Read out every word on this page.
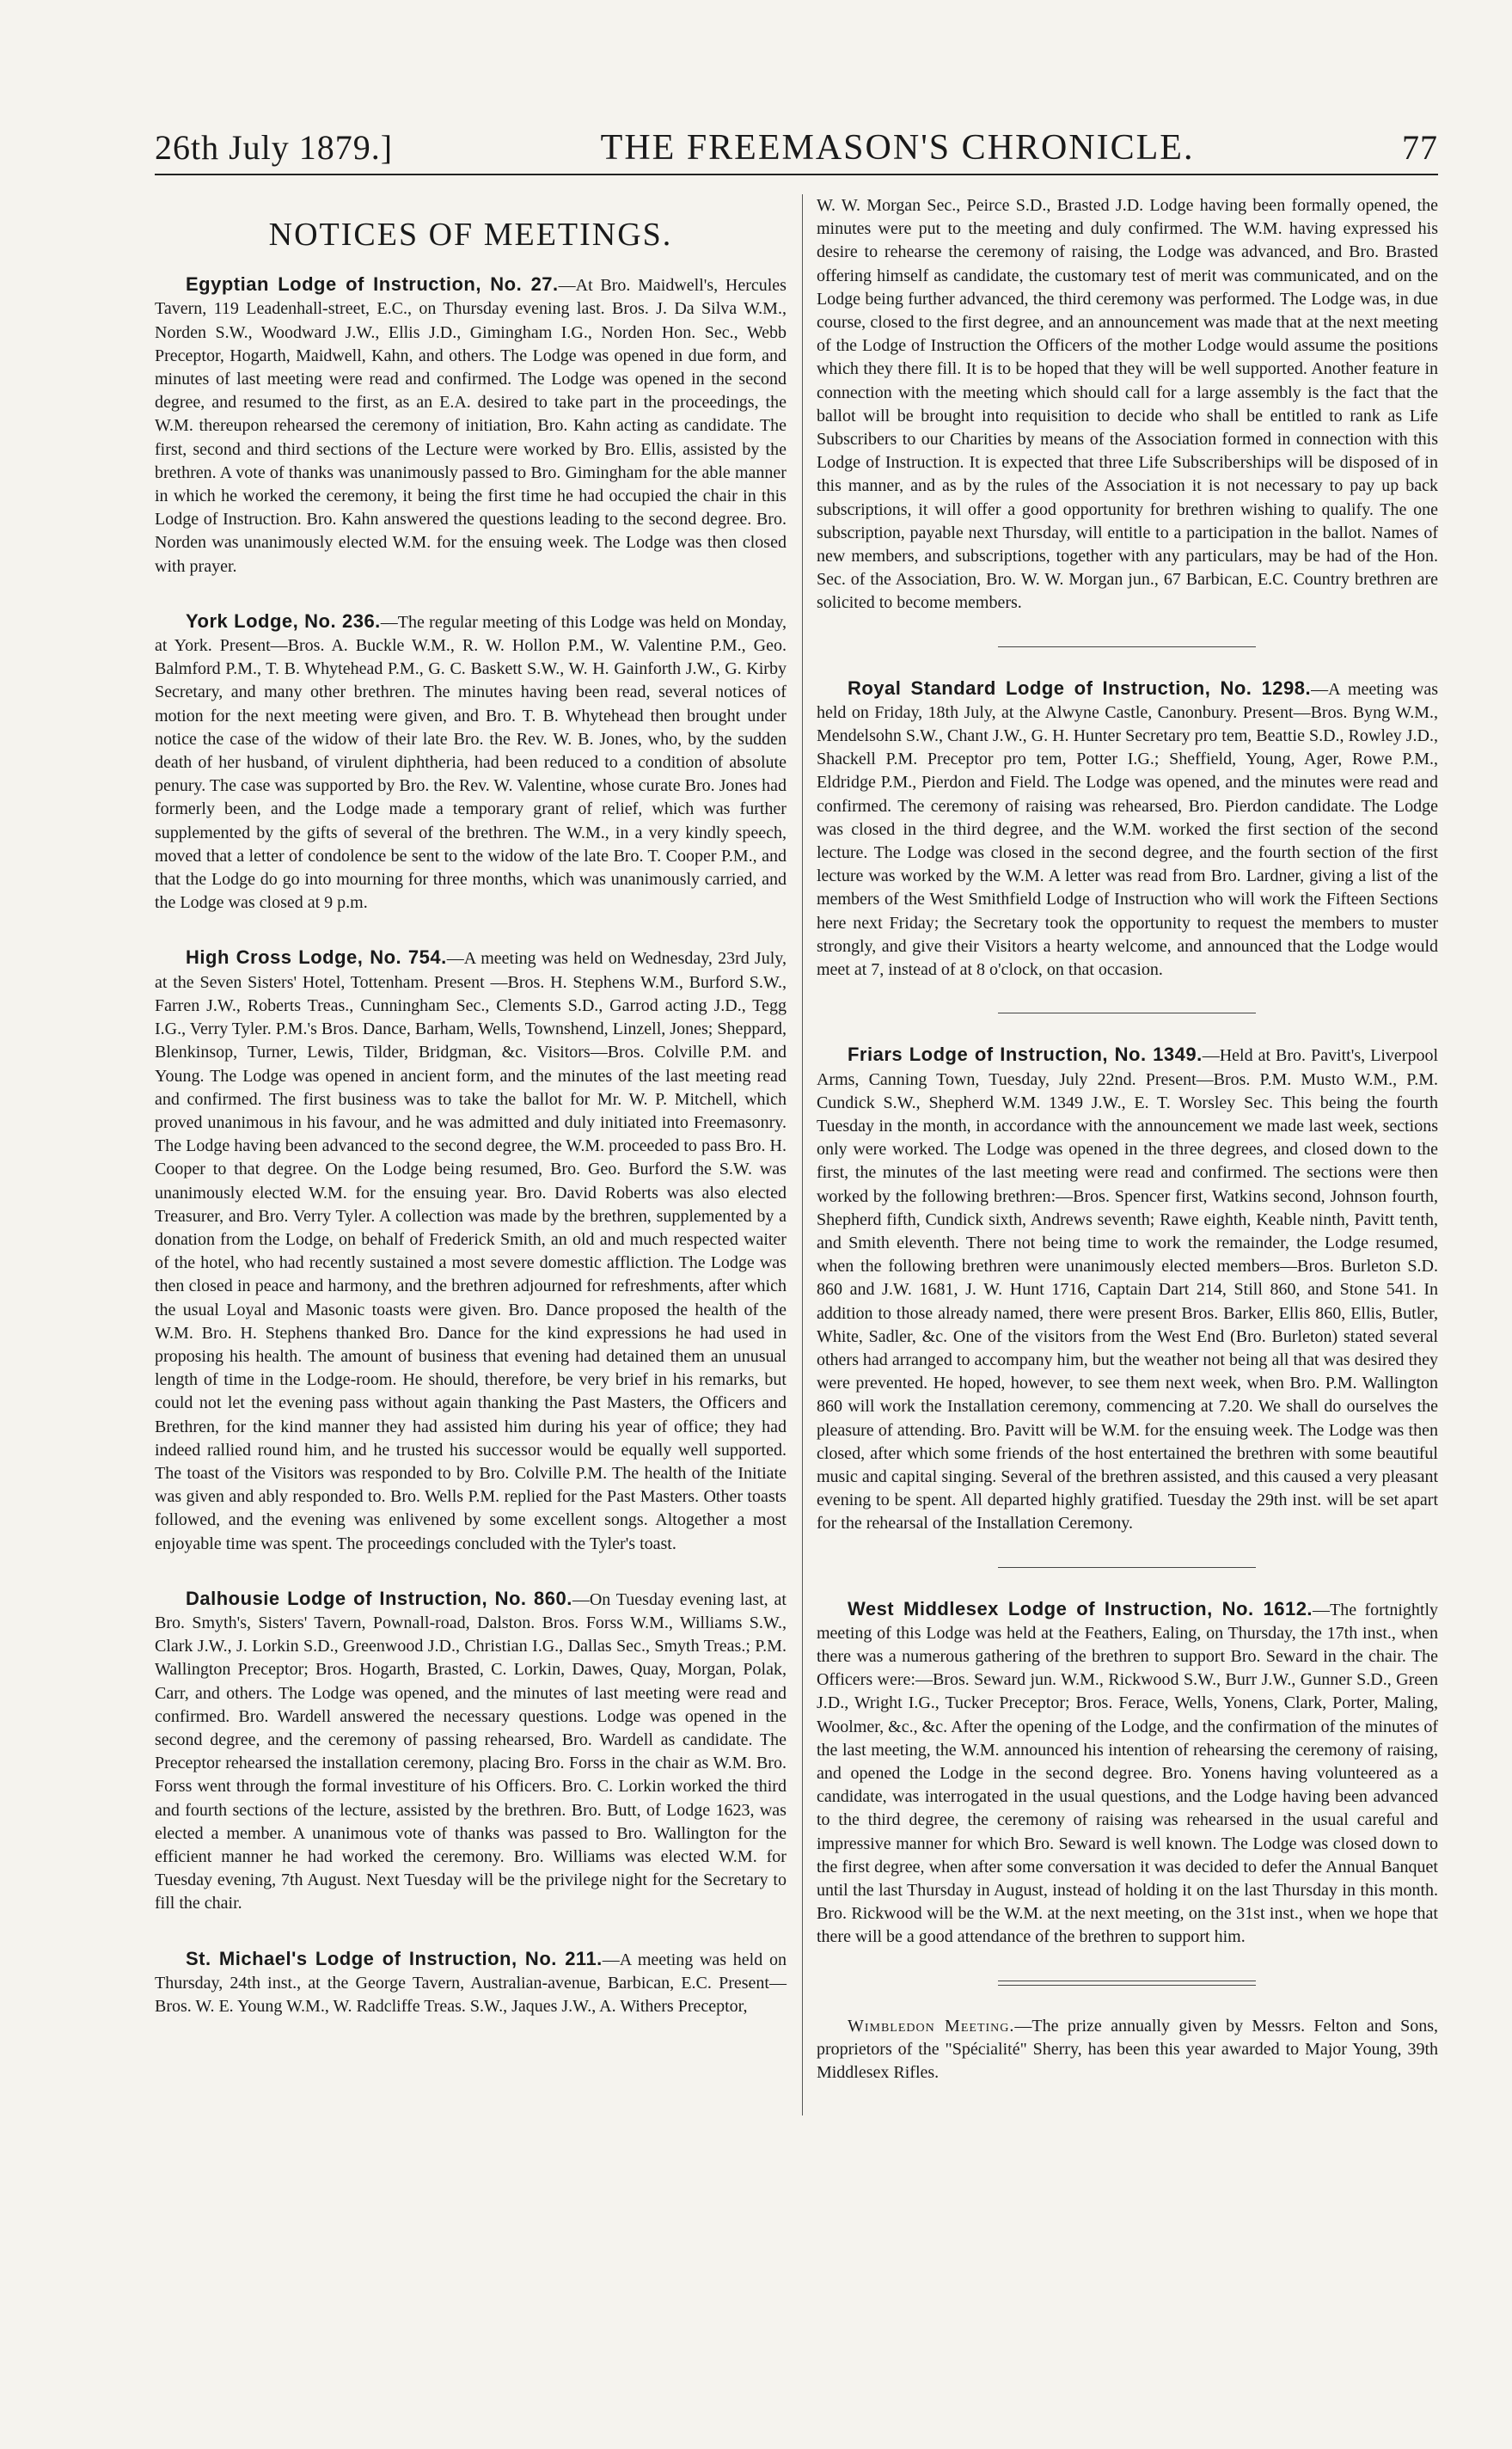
26th July 1879.]	THE FREEMASON'S CHRONICLE.	77
NOTICES OF MEETINGS.

Egyptian Lodge of Instruction, No. 27.—At Bro. Maidwell's, Hercules Tavern, 119 Leadenhall-street, E.C., on Thursday evening last. Bros. J. Da Silva W.M., Norden S.W., Woodward J.W., Ellis J.D., Gimingham I.G., Norden Hon. Sec., Webb Preceptor, Hogarth, Maidwell, Kahn, and others. The Lodge was opened in due form, and minutes of last meeting were read and confirmed. The Lodge was opened in the second degree, and resumed to the first, as an E.A. desired to take part in the proceedings, the W.M. thereupon rehearsed the ceremony of initiation, Bro. Kahn acting as candidate. The first, second and third sections of the Lecture were worked by Bro. Ellis, assisted by the brethren. A vote of thanks was unanimously passed to Bro. Gimingham for the able manner in which he worked the ceremony, it being the first time he had occupied the chair in this Lodge of Instruction. Bro. Kahn answered the questions leading to the second degree. Bro. Norden was unanimously elected W.M. for the ensuing week. The Lodge was then closed with prayer.

York Lodge, No. 236.—The regular meeting of this Lodge was held on Monday, at York. Present—Bros. A. Buckle W.M., R. W. Hollon P.M., W. Valentine P.M., Geo. Balmford P.M., T. B. Whytehead P.M., G. C. Baskett S.W., W. H. Gainforth J.W., G. Kirby Secretary, and many other brethren. The minutes having been read, several notices of motion for the next meeting were given, and Bro. T. B. Whytehead then brought under notice the case of the widow of their late Bro. the Rev. W. B. Jones, who, by the sudden death of her husband, of virulent diphtheria, had been reduced to a condition of absolute penury. The case was supported by Bro. the Rev. W. Valentine, whose curate Bro. Jones had formerly been, and the Lodge made a temporary grant of relief, which was further supplemented by the gifts of several of the brethren. The W.M., in a very kindly speech, moved that a letter of condolence be sent to the widow of the late Bro. T. Cooper P.M., and that the Lodge do go into mourning for three months, which was unanimously carried, and the Lodge was closed at 9 p.m.

High Cross Lodge, No. 754.—A meeting was held on Wednesday, 23rd July, at the Seven Sisters' Hotel, Tottenham. Present —Bros. H. Stephens W.M., Burford S.W., Farren J.W., Roberts Treas., Cunningham Sec., Clements S.D., Garrod acting J.D., Tegg I.G., Verry Tyler. P.M.'s Bros. Dance, Barham, Wells, Townshend, Linzell, Jones; Sheppard, Blenkinsop, Turner, Lewis, Tilder, Bridgman, &c. Visitors—Bros. Colville P.M. and Young. The Lodge was opened in ancient form, and the minutes of the last meeting read and confirmed. The first business was to take the ballot for Mr. W. P. Mitchell, which proved unanimous in his favour, and he was admitted and duly initiated into Freemasonry. The Lodge having been advanced to the second degree, the W.M. proceeded to pass Bro. H. Cooper to that degree. On the Lodge being resumed, Bro. Geo. Burford the S.W. was unanimously elected W.M. for the ensuing year. Bro. David Roberts was also elected Treasurer, and Bro. Verry Tyler. A collection was made by the brethren, supplemented by a donation from the Lodge, on behalf of Frederick Smith, an old and much respected waiter of the hotel, who had recently sustained a most severe domestic affliction. The Lodge was then closed in peace and harmony, and the brethren adjourned for refreshments, after which the usual Loyal and Masonic toasts were given. Bro. Dance proposed the health of the W.M. Bro. H. Stephens thanked Bro. Dance for the kind expressions he had used in proposing his health. The amount of business that evening had detained them an unusual length of time in the Lodge-room. He should, therefore, be very brief in his remarks, but could not let the evening pass without again thanking the Past Masters, the Officers and Brethren, for the kind manner they had assisted him during his year of office; they had indeed rallied round him, and he trusted his successor would be equally well supported. The toast of the Visitors was responded to by Bro. Colville P.M. The health of the Initiate was given and ably responded to. Bro. Wells P.M. replied for the Past Masters. Other toasts followed, and the evening was enlivened by some excellent songs. Altogether a most enjoyable time was spent. The proceedings concluded with the Tyler's toast.

Dalhousie Lodge of Instruction, No. 860.—On Tuesday evening last, at Bro. Smyth's, Sisters' Tavern, Pownall-road, Dalston. Bros. Forss W.M., Williams S.W., Clark J.W., J. Lorkin S.D., Greenwood J.D., Christian I.G., Dallas Sec., Smyth Treas.; P.M. Wallington Preceptor; Bros. Hogarth, Brasted, C. Lorkin, Dawes, Quay, Morgan, Polak, Carr, and others. The Lodge was opened, and the minutes of last meeting were read and confirmed. Bro. Wardell answered the necessary questions. Lodge was opened in the second degree, and the ceremony of passing rehearsed, Bro. Wardell as candidate. The Preceptor rehearsed the installation ceremony, placing Bro. Forss in the chair as W.M. Bro. Forss went through the formal investiture of his Officers. Bro. C. Lorkin worked the third and fourth sections of the lecture, assisted by the brethren. Bro. Butt, of Lodge 1623, was elected a member. A unanimous vote of thanks was passed to Bro. Wallington for the efficient manner he had worked the ceremony. Bro. Williams was elected W.M. for Tuesday evening, 7th August. Next Tuesday will be the privilege night for the Secretary to fill the chair.

St. Michael's Lodge of Instruction, No. 211.—A meeting was held on Thursday, 24th inst., at the George Tavern, Australian-avenue, Barbican, E.C. Present—Bros. W. E. Young W.M., W. Radcliffe Treas. S.W., Jaques J.W., A. Withers Preceptor,

W. W. Morgan Sec., Peirce S.D., Brasted J.D. Lodge having been formally opened, the minutes were put to the meeting and duly confirmed. The W.M. having expressed his desire to rehearse the ceremony of raising, the Lodge was advanced, and Bro. Brasted offering himself as candidate, the customary test of merit was communicated, and on the Lodge being further advanced, the third ceremony was performed. The Lodge was, in due course, closed to the first degree, and an announcement was made that at the next meeting of the Lodge of Instruction the Officers of the mother Lodge would assume the positions which they there fill. It is to be hoped that they will be well supported. Another feature in connection with the meeting which should call for a large assembly is the fact that the ballot will be brought into requisition to decide who shall be entitled to rank as Life Subscribers to our Charities by means of the Association formed in connection with this Lodge of Instruction. It is expected that three Life Subscriberships will be disposed of in this manner, and as by the rules of the Association it is not necessary to pay up back subscriptions, it will offer a good opportunity for brethren wishing to qualify. The one subscription, payable next Thursday, will entitle to a participation in the ballot. Names of new members, and subscriptions, together with any particulars, may be had of the Hon. Sec. of the Association, Bro. W. W. Morgan jun., 67 Barbican, E.C. Country brethren are solicited to become members.

Royal Standard Lodge of Instruction, No. 1298.—A meeting was held on Friday, 18th July, at the Alwyne Castle, Canonbury. Present—Bros. Byng W.M., Mendelsohn S.W., Chant J.W., G. H. Hunter Secretary pro tem, Beattie S.D., Rowley J.D., Shackell P.M. Preceptor pro tem, Potter I.G.; Sheffield, Young, Ager, Rowe P.M., Eldridge P.M., Pierdon and Field. The Lodge was opened, and the minutes were read and confirmed. The ceremony of raising was rehearsed, Bro. Pierdon candidate. The Lodge was closed in the third degree, and the W.M. worked the first section of the second lecture. The Lodge was closed in the second degree, and the fourth section of the first lecture was worked by the W.M. A letter was read from Bro. Lardner, giving a list of the members of the West Smithfield Lodge of Instruction who will work the Fifteen Sections here next Friday; the Secretary took the opportunity to request the members to muster strongly, and give their Visitors a hearty welcome, and announced that the Lodge would meet at 7, instead of at 8 o'clock, on that occasion.

Friars Lodge of Instruction, No. 1349.—Held at Bro. Pavitt's, Liverpool Arms, Canning Town, Tuesday, July 22nd. Present—Bros. P.M. Musto W.M., P.M. Cundick S.W., Shepherd W.M. 1349 J.W., E. T. Worsley Sec. This being the fourth Tuesday in the month, in accordance with the announcement we made last week, sections only were worked. The Lodge was opened in the three degrees, and closed down to the first, the minutes of the last meeting were read and confirmed. The sections were then worked by the following brethren:—Bros. Spencer first, Watkins second, Johnson fourth, Shepherd fifth, Cundick sixth, Andrews seventh; Rawe eighth, Keable ninth, Pavitt tenth, and Smith eleventh. There not being time to work the remainder, the Lodge resumed, when the following brethren were unanimously elected members—Bros. Burleton S.D. 860 and J.W. 1681, J. W. Hunt 1716, Captain Dart 214, Still 860, and Stone 541. In addition to those already named, there were present Bros. Barker, Ellis 860, Ellis, Butler, White, Sadler, &c. One of the visitors from the West End (Bro. Burleton) stated several others had arranged to accompany him, but the weather not being all that was desired they were prevented. He hoped, however, to see them next week, when Bro. P.M. Wallington 860 will work the Installation ceremony, commencing at 7.20. We shall do ourselves the pleasure of attending. Bro. Pavitt will be W.M. for the ensuing week. The Lodge was then closed, after which some friends of the host entertained the brethren with some beautiful music and capital singing. Several of the brethren assisted, and this caused a very pleasant evening to be spent. All departed highly gratified. Tuesday the 29th inst. will be set apart for the rehearsal of the Installation Ceremony.

West Middlesex Lodge of Instruction, No. 1612.—The fortnightly meeting of this Lodge was held at the Feathers, Ealing, on Thursday, the 17th inst., when there was a numerous gathering of the brethren to support Bro. Seward in the chair. The Officers were:—Bros. Seward jun. W.M., Rickwood S.W., Burr J.W., Gunner S.D., Green J.D., Wright I.G., Tucker Preceptor; Bros. Ferace, Wells, Yonens, Clark, Porter, Maling, Woolmer, &c., &c. After the opening of the Lodge, and the confirmation of the minutes of the last meeting, the W.M. announced his intention of rehearsing the ceremony of raising, and opened the Lodge in the second degree. Bro. Yonens having volunteered as a candidate, was interrogated in the usual questions, and the Lodge having been advanced to the third degree, the ceremony of raising was rehearsed in the usual careful and impressive manner for which Bro. Seward is well known. The Lodge was closed down to the first degree, when after some conversation it was decided to defer the Annual Banquet until the last Thursday in August, instead of holding it on the last Thursday in this month. Bro. Rickwood will be the W.M. at the next meeting, on the 31st inst., when we hope that there will be a good attendance of the brethren to support him.

Wimbledon Meeting.—The prize annually given by Messrs. Felton and Sons, proprietors of the "Spécialité" Sherry, has been this year awarded to Major Young, 39th Middlesex Rifles.
